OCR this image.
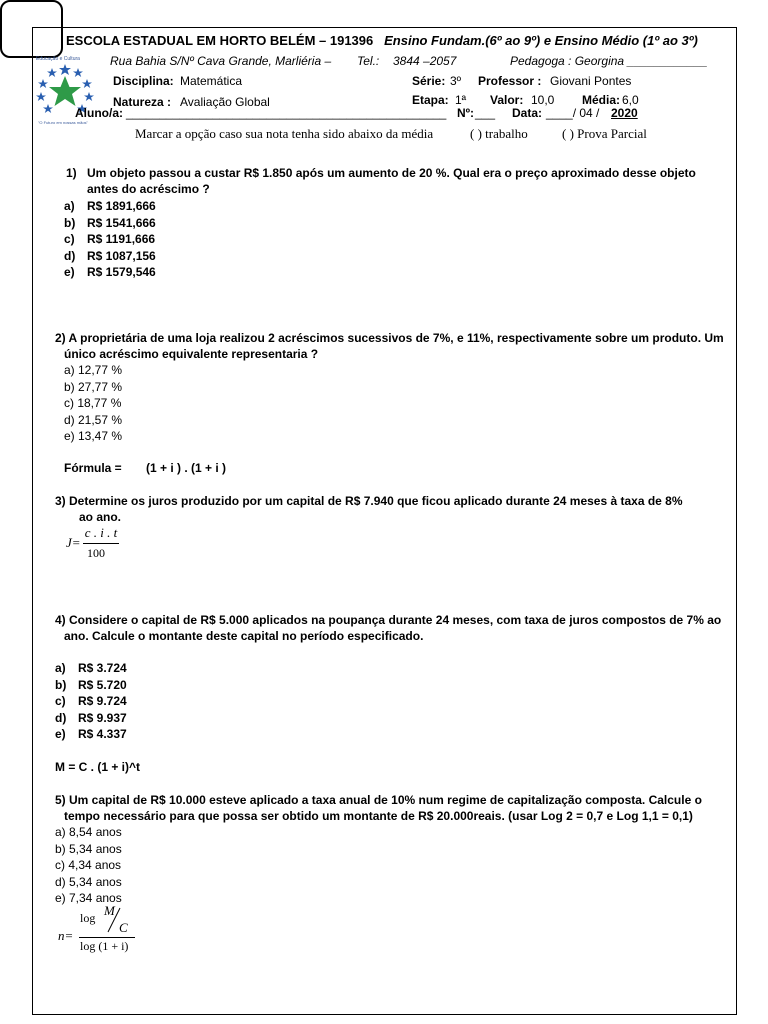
ESCOLA ESTADUAL EM HORTO BELÉM – 191396 Ensino Fundam.(6º ao 9º) e Ensino Médio (1º ao 3º)
Rua Bahia S/Nº Cava Grande, Marliéria – Tel.: 3844 –2057	Pedagoga : Georgina ____________
Educação e Cultura
"O Futuro em nossas mãos"
Disciplina: Matemática	Série: 3º Professor : Giovani Pontes
Natureza : Avaliação Global	Etapa: 1ª Valor: 10,0 Média: 6,0
Aluno/a: ________________________________________________ Nº: ___ Data: ____/ 04 / 2020
Marcar a opção caso sua nota tenha sido abaixo da média	( ) trabalho	( ) Prova Parcial
1) Um objeto passou a custar R$ 1.850 após um aumento de 20 %. Qual era o preço aproximado desse objeto
antes do acréscimo ?
a) R$ 1891,666
b) R$ 1541,666
c) R$ 1191,666
d) R$ 1087,156
e) R$ 1579,546
2) A proprietária de uma loja realizou 2 acréscimos sucessivos de 7%, e 11%, respectivamente sobre um produto. Um
único acréscimo equivalente representaria ?
a) 12,77 %
b) 27,77 %
c) 18,77 %
d) 21,57 %
e) 13,47 %
Fórmula = (1 + i ) . (1 + i )
3) Determine os juros produzido por um capital de R$ 7.940 que ficou aplicado durante 24 meses à taxa de 8%
ao ano.
J=
c . i . t
100
4) Considere o capital de R$ 5.000 aplicados na poupança durante 24 meses, com taxa de juros compostos de 7% ao
ano. Calcule o montante deste capital no período especificado.
a) R$ 3.724
b) R$ 5.720
c) R$ 9.724
d) R$ 9.937
e) R$ 4.337
M = C . (1 + i)^t
5) Um capital de R$ 10.000 esteve aplicado a taxa anual de 10% num regime de capitalização composta. Calcule o
tempo necessário para que possa ser obtido um montante de R$ 20.000reais. (usar Log 2 = 0,7 e Log 1,1 = 0,1)
a) 8,54 anos
b) 5,34 anos
c) 4,34 anos
d) 5,34 anos
e) 7,34 anos
n=
log M
C
log (1 + i)
